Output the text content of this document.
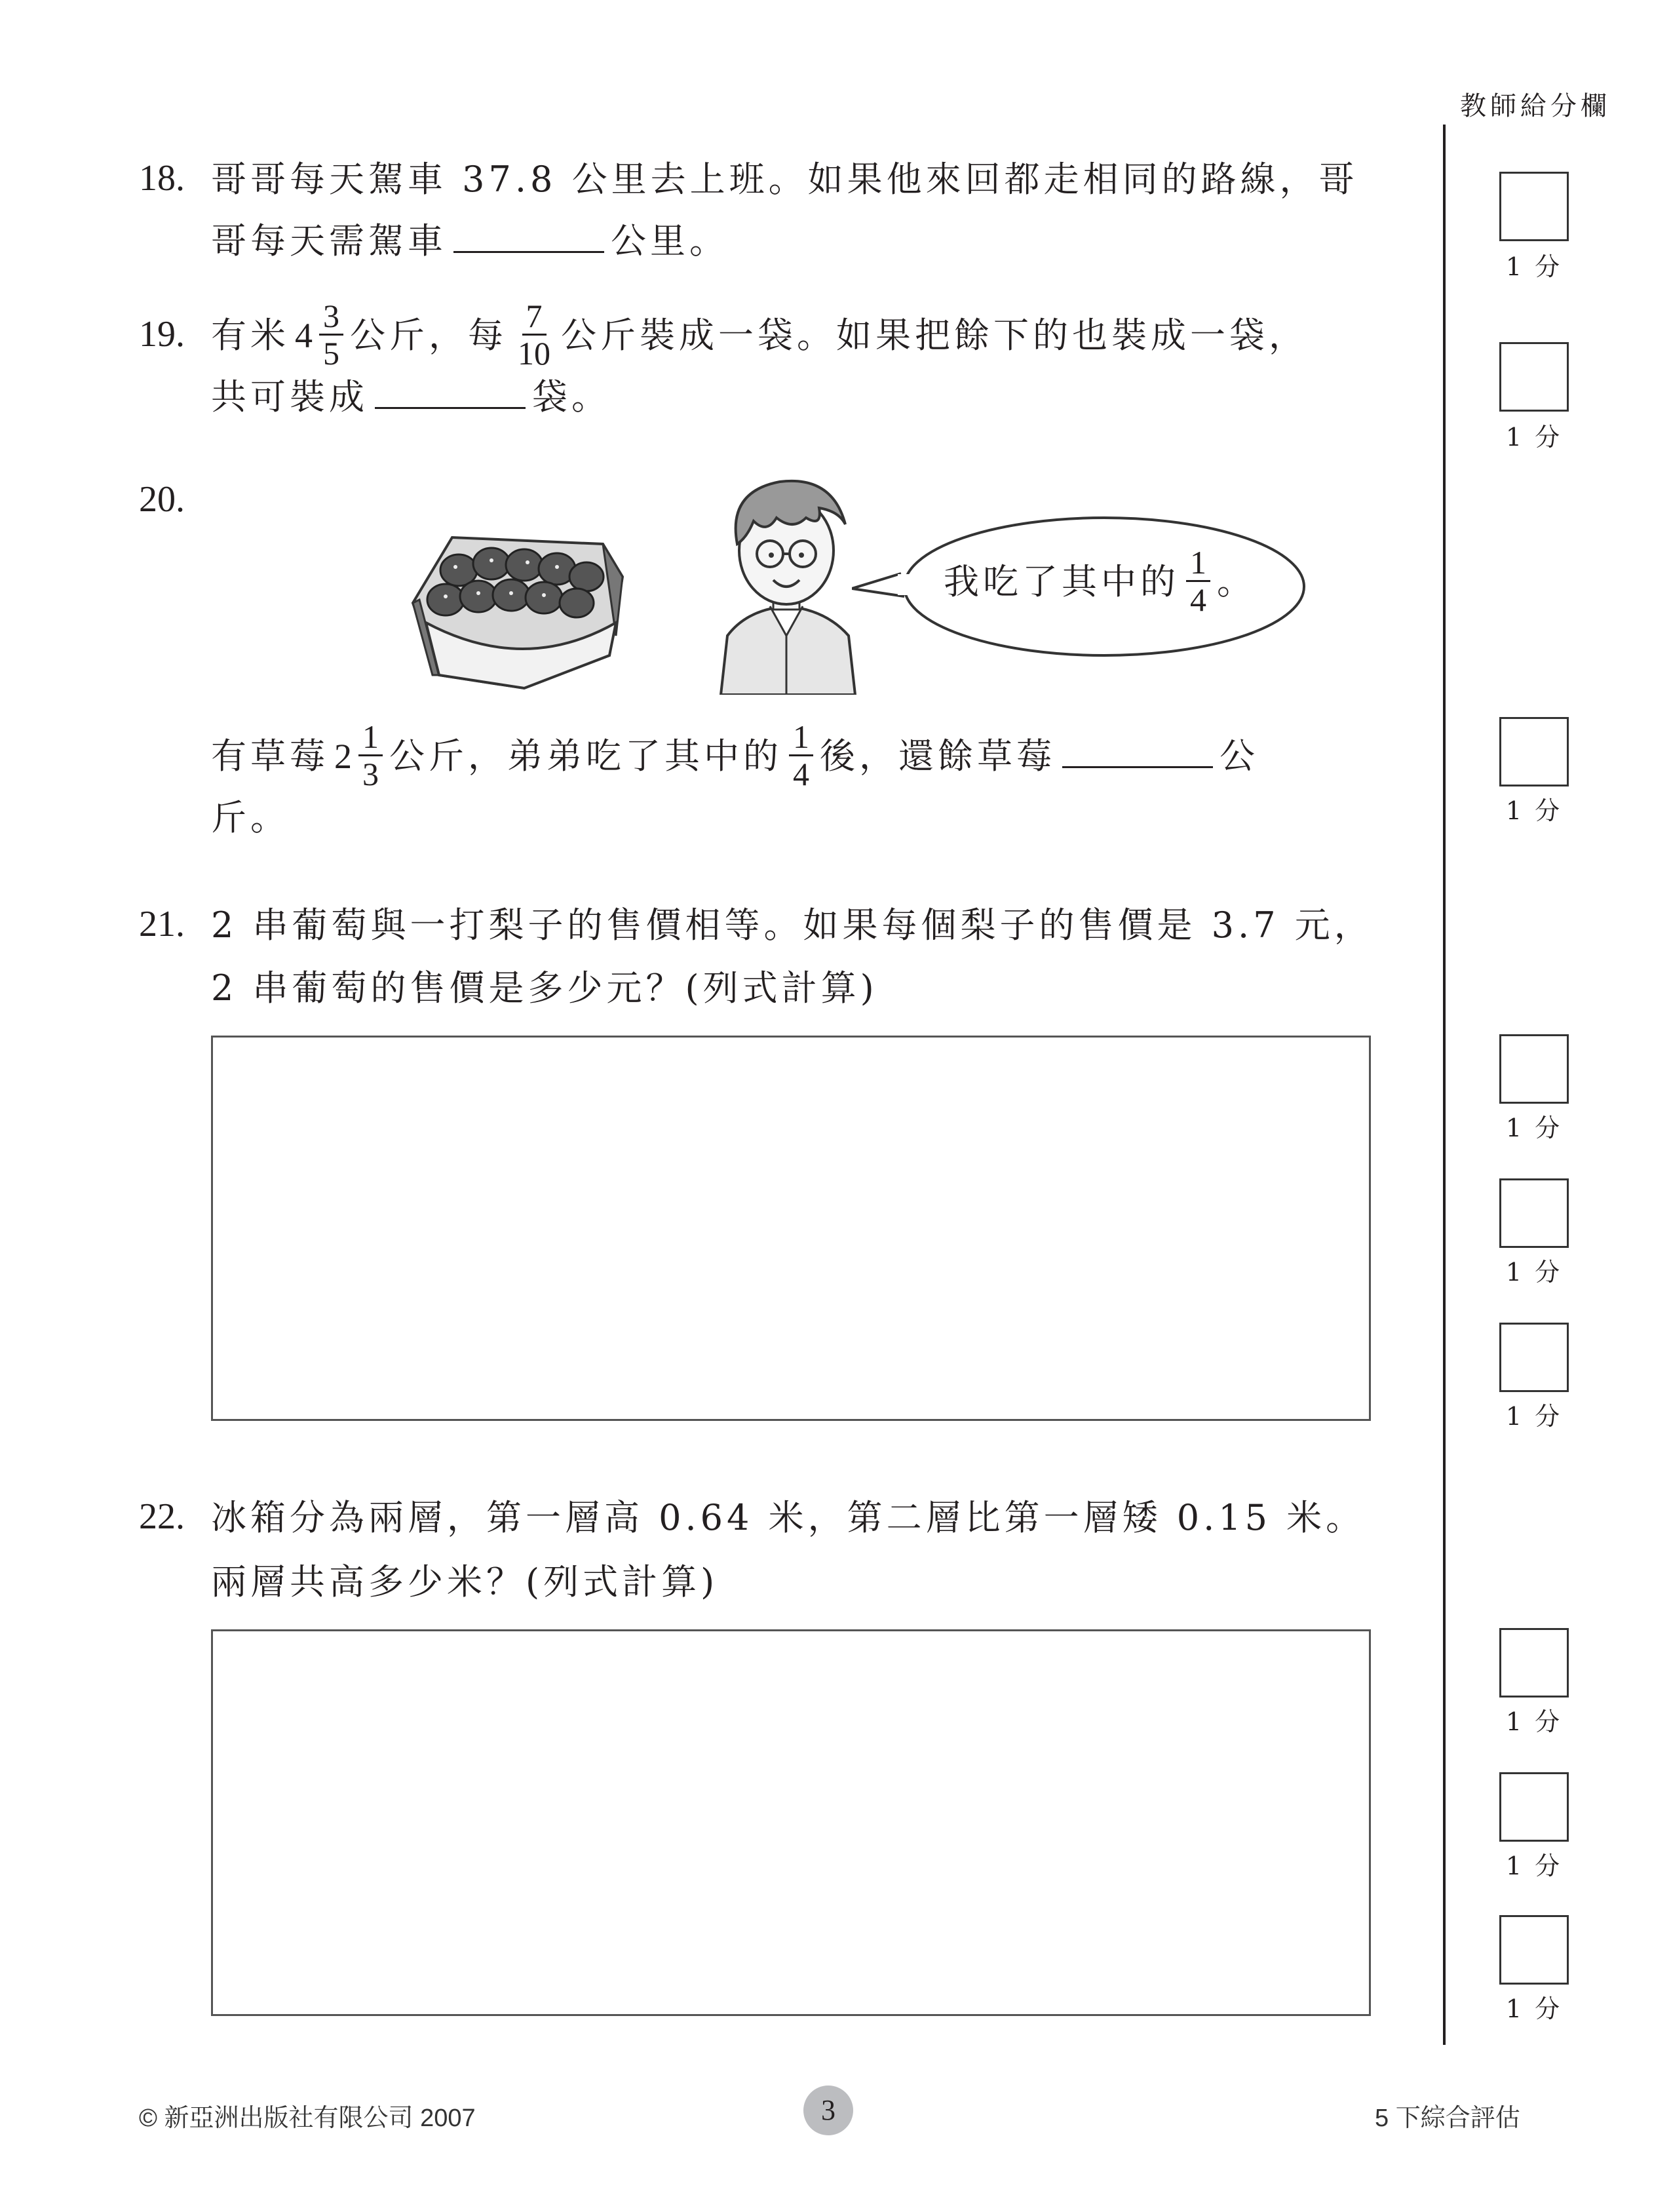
教師給分欄
18. 哥哥每天駕車 37.8 公里去上班。如果他來回都走相同的路線，哥
哥每天需駕車	公里。
19. 有米 $4 \frac{3}{5}$ 公斤，每 $\frac{7}{10}$ 公斤裝成一袋。如果把餘下的也裝成一袋，
共可裝成	袋。
20.
我吃了其中的 $\frac{1}{4}$ 。
有草莓 $2 \frac{1}{3}$ 公斤，弟弟吃了其中的 $\frac{1}{4}$ 後，還餘草莓	公
斤。
21. 2 串葡萄與一打梨子的售價相等。如果每個梨子的售價是 3.7 元，
2 串葡萄的售價是多少元？(列式計算)
22. 冰箱分為兩層，第一層高 0.64 米，第二層比第一層矮 0.15 米。
兩層共高多少米？(列式計算)
1 分
1 分
1 分
1 分
1 分
1 分
1 分
1 分
1 分
© 新亞洲出版社有限公司 2007	3	5 下綜合評估
